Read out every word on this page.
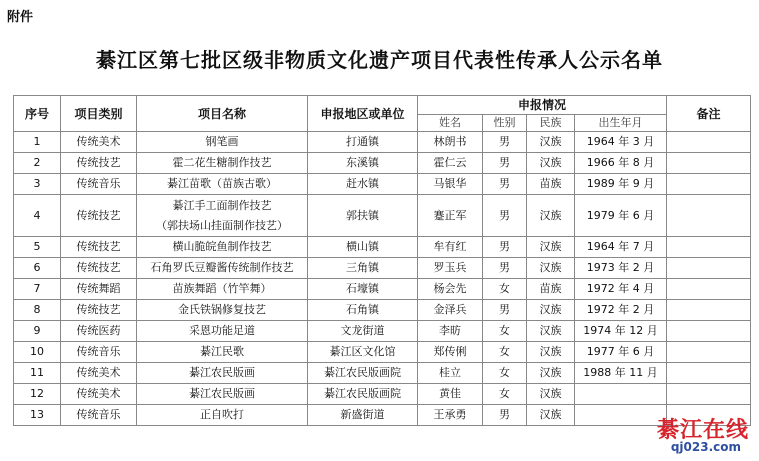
附件
綦江区第七批区级非物质文化遗产项目代表性传承人公示名单
序号	项目类别	项目名称	申报地区或单位	申报情况				备注
				姓名	性别	民族	出生年月	
1	传统美术	钢笔画	打通镇	林朗书	男	汉族	1964 年 3 月	
2	传统技艺	霍二花生糖制作技艺	东溪镇	霍仁云	男	汉族	1966 年 8 月	
3	传统音乐	綦江苗歌（苗族古歌）	赶水镇	马银华	男	苗族	1989 年 9 月	
4	传统技艺	綦江手工面制作技艺
（郭扶场山挂面制作技艺）	郭扶镇	蹇正军	男	汉族	1979 年 6 月	
5	传统技艺	横山脆皖鱼制作技艺	横山镇	牟有红	男	汉族	1964 年 7 月	
6	传统技艺	石角罗氏豆瓣酱传统制作技艺	三角镇	罗玉兵	男	汉族	1973 年 2 月	
7	传统舞蹈	苗族舞蹈（竹竿舞）	石壕镇	杨会先	女	苗族	1972 年 4 月	
8	传统技艺	金氏铁锅修复技艺	石角镇	金泽兵	男	汉族	1972 年 2 月	
9	传统医药	采恩功能足道	文龙街道	李昉	女	汉族	1974 年 12 月	
10	传统音乐	綦江民歌	綦江区文化馆	郑传俐	女	汉族	1977 年 6 月	
11	传统美术	綦江农民版画	綦江农民版画院	桂立	女	汉族	1988 年 11 月	
12	传统美术	綦江农民版画	綦江农民版画院	黄佳	女	汉族		
13	传统音乐	正自吹打	新盛街道	王承勇	男	汉族		
綦江在线
qj023.com
